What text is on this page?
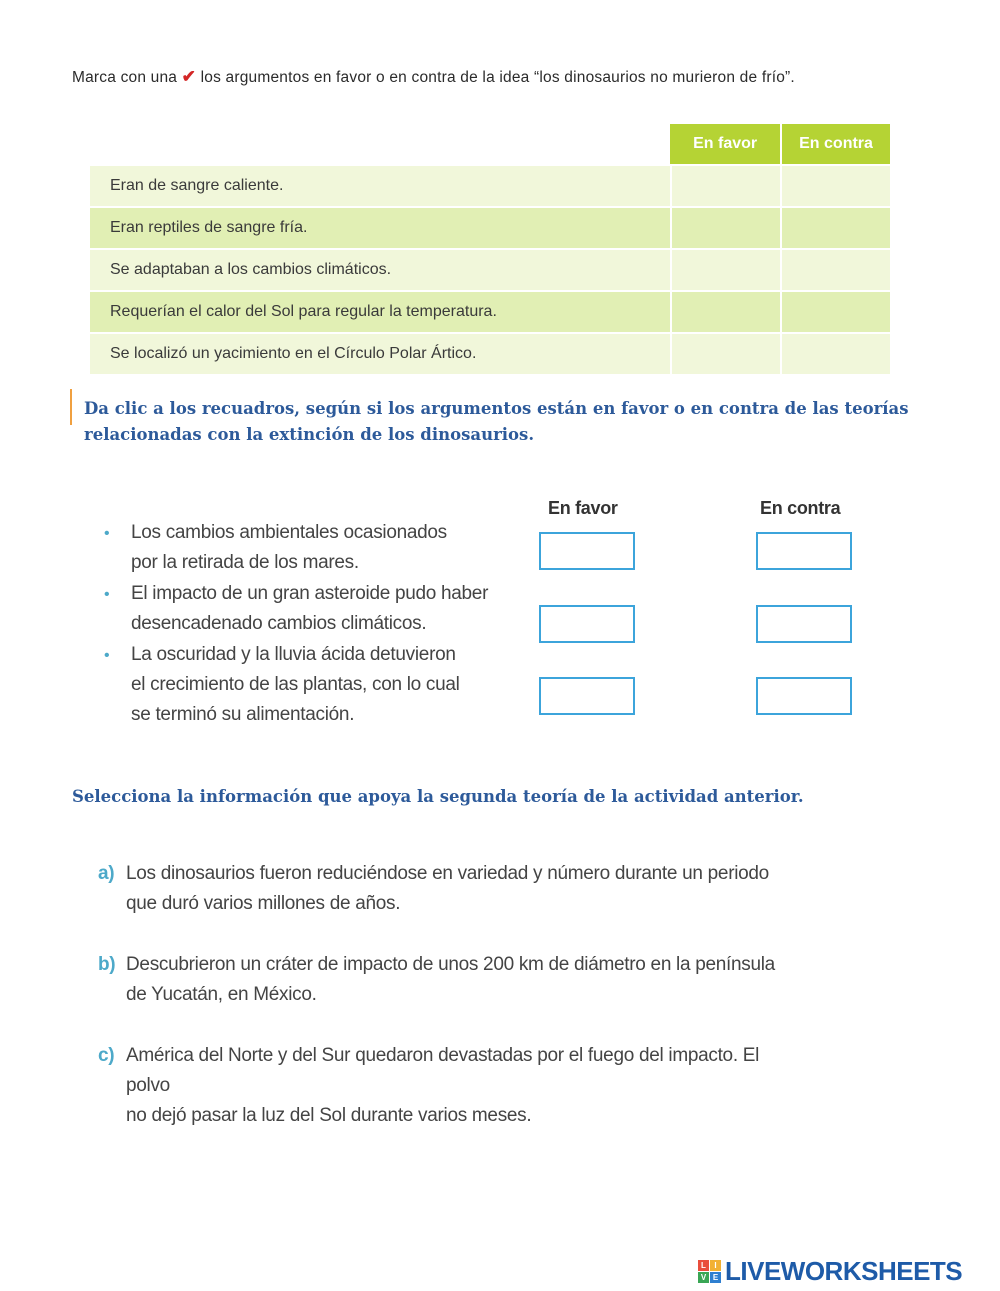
Marca con una ✔ los argumentos en favor o en contra de la idea “los dinosaurios no murieron de frío”.
	En favor	En contra
Eran de sangre caliente.		
Eran reptiles de sangre fría.		
Se adaptaban a los cambios climáticos.		
Requerían el calor del Sol para regular la temperatura.		
Se localizó un yacimiento en el Círculo Polar Ártico.		
Da clic a los recuadros, según si los argumentos están en favor o en contra de las teorías relacionadas con la extinción de los dinosaurios.
En favor	En contra
• Los cambios ambientales ocasionados
por la retirada de los mares.
• El impacto de un gran asteroide pudo haber
desencadenado cambios climáticos.
• La oscuridad y la lluvia ácida detuvieron
el crecimiento de las plantas, con lo cual
se terminó su alimentación.
Selecciona la información que apoya la segunda teoría de la actividad anterior.
a) Los dinosaurios fueron reduciéndose en variedad y número durante un periodo
que duró varios millones de años.
b) Descubrieron un cráter de impacto de unos 200 km de diámetro en la península
de Yucatán, en México.
c) América del Norte y del Sur quedaron devastadas por el fuego del impacto. El polvo
no dejó pasar la luz del Sol durante varios meses.
L	I
V E LIVEWORKSHEETS
